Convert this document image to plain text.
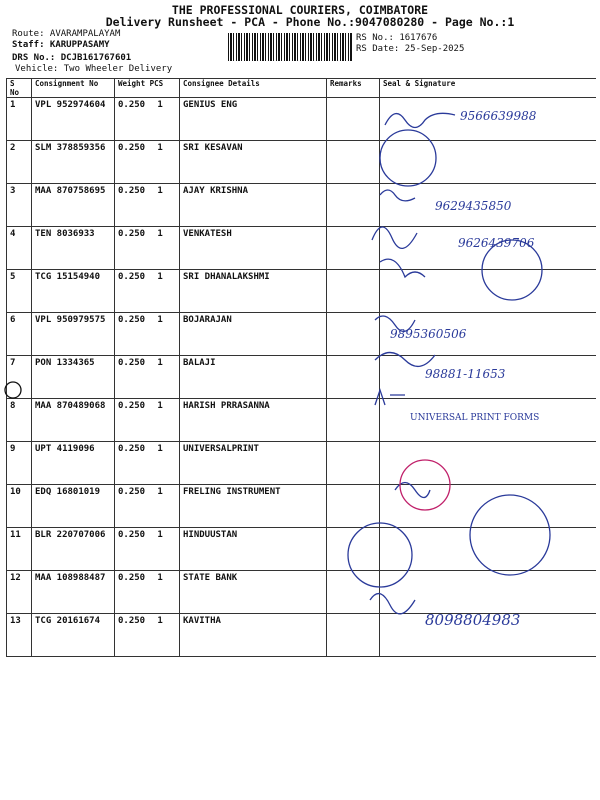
THE PROFESSIONAL COURIERS, COIMBATORE
Delivery Runsheet - PCA - Phone No.:9047080280 - Page No.:1
Route: AVARAMPALAYAM
Staff: KARUPPASAMY
DRS No.: DCJB161767601
Vehicle: Two Wheeler Delivery
RS No.: 1617676
RS Date: 25-Sep-2025
S No	Consignment No	Weight PCS	Consignee Details	Remarks	Seal & Signature
1	VPL 952974604	0.250 1	GENIUS ENG		
2	SLM 378859356	0.250 1	SRI KESAVAN		
3	MAA 870758695	0.250 1	AJAY KRISHNA		
4	TEN 8036933	0.250 1	VENKATESH		
5	TCG 15154940	0.250 1	SRI DHANALAKSHMI		
6	VPL 950979575	0.250 1	BOJARAJAN		
7	PON 1334365	0.250 1	BALAJI		
8	MAA 870489068	0.250 1	HARISH PRRASANNA		
9	UPT 4119096	0.250 1	UNIVERSALPRINT		
10	EDQ 16801019	0.250 1	FRELING INSTRUMENT		
11	BLR 220707006	0.250 1	HINDUUSTAN		
12	MAA 108988487	0.250 1	STATE BANK		
13	TCG 20161674	0.250 1	KAVITHA		
9566639988
9629435850
9626439706
9895360506
98881-11653
8098804983
UNIVERSAL PRINT FORMS
